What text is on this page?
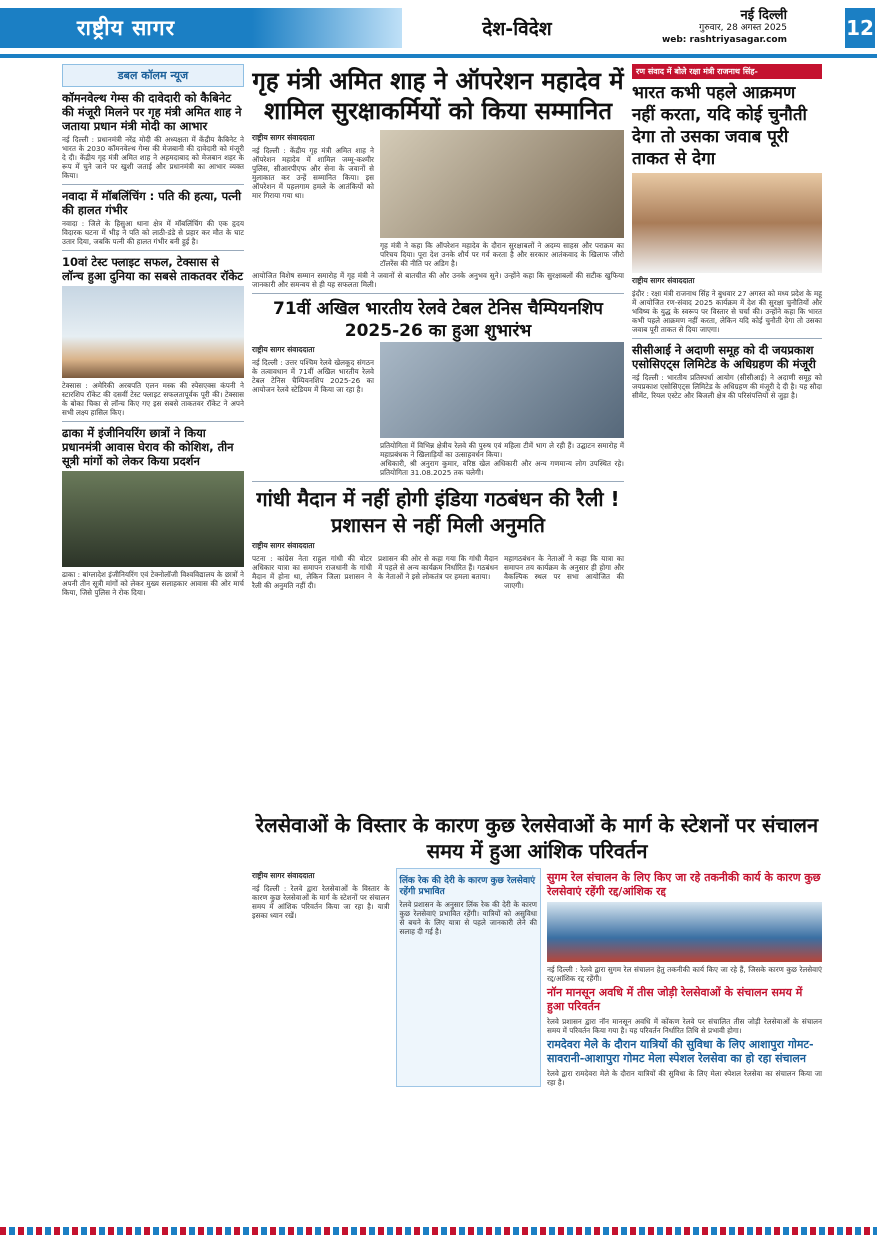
राष्ट्रीय सागर	देश-विदेश
नई दिल्ली
गुरुवार, 28 अगस्त 2025
web: rashtriyasagar.com	12
डबल कॉलम न्यूज
कॉमनवेल्थ गेम्स की दावेदारी को कैबिनेट की मंजूरी मिलने पर गृह मंत्री अमित शाह ने जताया प्रधान मंत्री मोदी का आभार
नई दिल्ली : प्रधानमंत्री नरेंद्र मोदी की अध्यक्षता में केंद्रीय कैबिनेट ने भारत के 2030 कॉमनवेल्थ गेम्स की मेजबानी की दावेदारी को मंजूरी दे दी। केंद्रीय गृह मंत्री अमित शाह ने अहमदाबाद को मेजबान शहर के रूप में चुने जाने पर खुशी जताई और प्रधानमंत्री का आभार व्यक्त किया।
नवादा में मॉबलिंचिंग : पति की हत्या, पत्नी की हालत गंभीर
नवादा : जिले के हिसुआ थाना क्षेत्र में मॉबलिंचिंग की एक हृदय विदारक घटना में भीड़ ने पति को लाठी-डंडे से प्रहार कर मौत के घाट उतार दिया, जबकि पत्नी की हालत गंभीर बनी हुई है।
10वां टेस्ट फ्लाइट सफल, टेक्सास से लॉन्च हुआ दुनिया का सबसे ताकतवर रॉकेट
टेक्सास : अमेरिकी अरबपति एलन मस्क की स्पेसएक्स कंपनी ने स्टारशिप रॉकेट की दसवीं टेस्ट फ्लाइट सफलतापूर्वक पूरी की। टेक्सास के बोका चिका से लॉन्च किए गए इस सबसे ताकतवर रॉकेट ने अपने सभी लक्ष्य हासिल किए।
ढाका में इंजीनियरिंग छात्रों ने किया प्रधानमंत्री आवास घेराव की कोशिश, तीन सूत्री मांगों को लेकर किया प्रदर्शन
ढाका : बांग्लादेश इंजीनियरिंग एवं टेक्नोलॉजी विश्वविद्यालय के छात्रों ने अपनी तीन सूत्री मांगों को लेकर मुख्य सलाहकार आवास की ओर मार्च किया, जिसे पुलिस ने रोक दिया।
गृह मंत्री अमित शाह ने ऑपरेशन महादेव में शामिल सुरक्षाकर्मियों को किया सम्मानित
राष्ट्रीय सागर संवाददाता
नई दिल्ली : केंद्रीय गृह मंत्री अमित शाह ने ऑपरेशन महादेव में शामिल जम्मू-कश्मीर पुलिस, सीआरपीएफ और सेना के जवानों से मुलाकात कर उन्हें सम्मानित किया। इस ऑपरेशन में पहलगाम हमले के आतंकियों को मार गिराया गया था।
गृह मंत्री ने कहा कि ऑपरेशन महादेव के दौरान सुरक्षाबलों ने अदम्य साहस और पराक्रम का परिचय दिया। पूरा देश उनके शौर्य पर गर्व करता है और सरकार आतंकवाद के खिलाफ जीरो टॉलरेंस की नीति पर अडिग है।
आयोजित विशेष सम्मान समारोह में गृह मंत्री ने जवानों से बातचीत की और उनके अनुभव सुने। उन्होंने कहा कि सुरक्षाबलों की सटीक खुफिया जानकारी और समन्वय से ही यह सफलता मिली।
71वीं अखिल भारतीय रेलवे टेबल टेनिस चैम्पियनशिप 2025-26 का हुआ शुभारंभ
राष्ट्रीय सागर संवाददाता
नई दिल्ली : उत्तर पश्चिम रेलवे खेलकूद संगठन के तत्वावधान में 71वीं अखिल भारतीय रेलवे टेबल टेनिस चैम्पियनशिप 2025-26 का आयोजन रेलवे स्टेडियम में किया जा रहा है।
प्रतियोगिता में विभिन्न क्षेत्रीय रेलवे की पुरुष एवं महिला टीमें भाग ले रही हैं। उद्घाटन समारोह में महाप्रबंधक ने खिलाड़ियों का उत्साहवर्धन किया।
अधिकारी, श्री अनुराग कुमार, वरिष्ठ खेल अधिकारी और अन्य गणमान्य लोग उपस्थित रहे। प्रतियोगिता 31.08.2025 तक चलेगी।
गांधी मैदान में नहीं होगी इंडिया गठबंधन की रैली ! प्रशासन से नहीं मिली अनुमति
राष्ट्रीय सागर संवाददाता
पटना : कांग्रेस नेता राहुल गांधी की वोटर अधिकार यात्रा का समापन राजधानी के गांधी मैदान में होना था, लेकिन जिला प्रशासन ने रैली की अनुमति नहीं दी।
प्रशासन की ओर से कहा गया कि गांधी मैदान में पहले से अन्य कार्यक्रम निर्धारित हैं। गठबंधन के नेताओं ने इसे लोकतंत्र पर हमला बताया।
महागठबंधन के नेताओं ने कहा कि यात्रा का समापन तय कार्यक्रम के अनुसार ही होगा और वैकल्पिक स्थल पर सभा आयोजित की जाएगी।
रण संवाद में बोले रक्षा मंत्री राजनाथ सिंह-
भारत कभी पहले आक्रमण नहीं करता, यदि कोई चुनौती देगा तो उसका जवाब पूरी ताकत से देगा
राष्ट्रीय सागर संवाददाता
इंदौर : रक्षा मंत्री राजनाथ सिंह ने बुधवार 27 अगस्त को मध्य प्रदेश के महू में आयोजित रण-संवाद 2025 कार्यक्रम में देश की सुरक्षा चुनौतियों और भविष्य के युद्ध के स्वरूप पर विस्तार से चर्चा की। उन्होंने कहा कि भारत कभी पहले आक्रमण नहीं करता, लेकिन यदि कोई चुनौती देगा तो उसका जवाब पूरी ताकत से दिया जाएगा।
सीसीआई ने अदाणी समूह को दी जयप्रकाश एसोसिएट्स लिमिटेड के अधिग्रहण की मंजूरी
नई दिल्ली : भारतीय प्रतिस्पर्धा आयोग (सीसीआई) ने अदाणी समूह को जयप्रकाश एसोसिएट्स लिमिटेड के अधिग्रहण की मंजूरी दे दी है। यह सौदा सीमेंट, रियल एस्टेट और बिजली क्षेत्र की परिसंपत्तियों से जुड़ा है।
रेलसेवाओं के विस्तार के कारण कुछ रेलसेवाओं के मार्ग के स्टेशनों पर संचालन समय में हुआ आंशिक परिवर्तन
राष्ट्रीय सागर संवाददाता
नई दिल्ली : रेलवे द्वारा रेलसेवाओं के विस्तार के कारण कुछ रेलसेवाओं के मार्ग के स्टेशनों पर संचालन समय में आंशिक परिवर्तन किया जा रहा है। यात्री इसका ध्यान रखें।
लिंक रेक की देरी के कारण कुछ रेलसेवाएं रहेंगी प्रभावित
रेलवे प्रशासन के अनुसार लिंक रेक की देरी के कारण कुछ रेलसेवाएं प्रभावित रहेंगी। यात्रियों को असुविधा से बचने के लिए यात्रा से पहले जानकारी लेने की सलाह दी गई है।
सुगम रेल संचालन के लिए किए जा रहे तकनीकी कार्य के कारण कुछ रेलसेवाएं रहेंगी रद्द/आंशिक रद्द
नई दिल्ली : रेलवे द्वारा सुगम रेल संचालन हेतु तकनीकी कार्य किए जा रहे हैं, जिसके कारण कुछ रेलसेवाएं रद्द/आंशिक रद्द रहेंगी।
नॉन मानसून अवधि में तीस जोड़ी रेलसेवाओं के संचालन समय में हुआ परिवर्तन
रेलवे प्रशासन द्वारा नॉन मानसून अवधि में कोंकण रेलवे पर संचालित तीस जोड़ी रेलसेवाओं के संचालन समय में परिवर्तन किया गया है। यह परिवर्तन निर्धारित तिथि से प्रभावी होगा।
रामदेवरा मेले के दौरान यात्रियों की सुविधा के लिए आशापुरा गोमट-सावरानी-आशापुरा गोमट मेला स्पेशल रेलसेवा का हो रहा संचालन
रेलवे द्वारा रामदेवरा मेले के दौरान यात्रियों की सुविधा के लिए मेला स्पेशल रेलसेवा का संचालन किया जा रहा है।
